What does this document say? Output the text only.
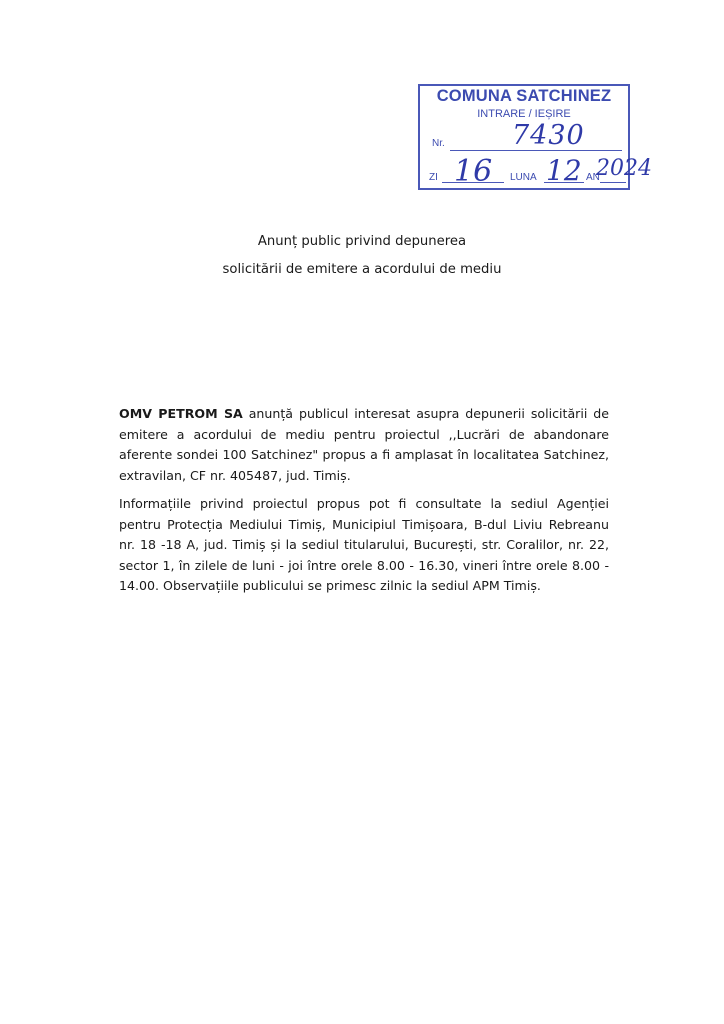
COMUNA SATCHINEZ
INTRARE / IEȘIRE
Nr. 7430
ZI 16 LUNA 12 AN
2024
Anunț public privind depunerea
solicitării de emitere a acordului de mediu
OMV PETROM SA anunță publicul interesat asupra depunerii solicitării de emitere a acordului de mediu pentru proiectul ,,Lucrări de abandonare aferente sondei 100 Satchinez" propus a fi amplasat în localitatea Satchinez, extravilan, CF nr. 405487, jud. Timiș.
Informațiile privind proiectul propus pot fi consultate la sediul Agenției pentru Protecția Mediului Timiș, Municipiul Timișoara, B-dul Liviu Rebreanu nr. 18 -18 A, jud. Timiș și la sediul titularului, București, str. Coralilor, nr. 22, sector 1, în zilele de luni - joi între orele 8.00 - 16.30, vineri între orele 8.00 - 14.00. Observațiile publicului se primesc zilnic la sediul APM Timiș.
